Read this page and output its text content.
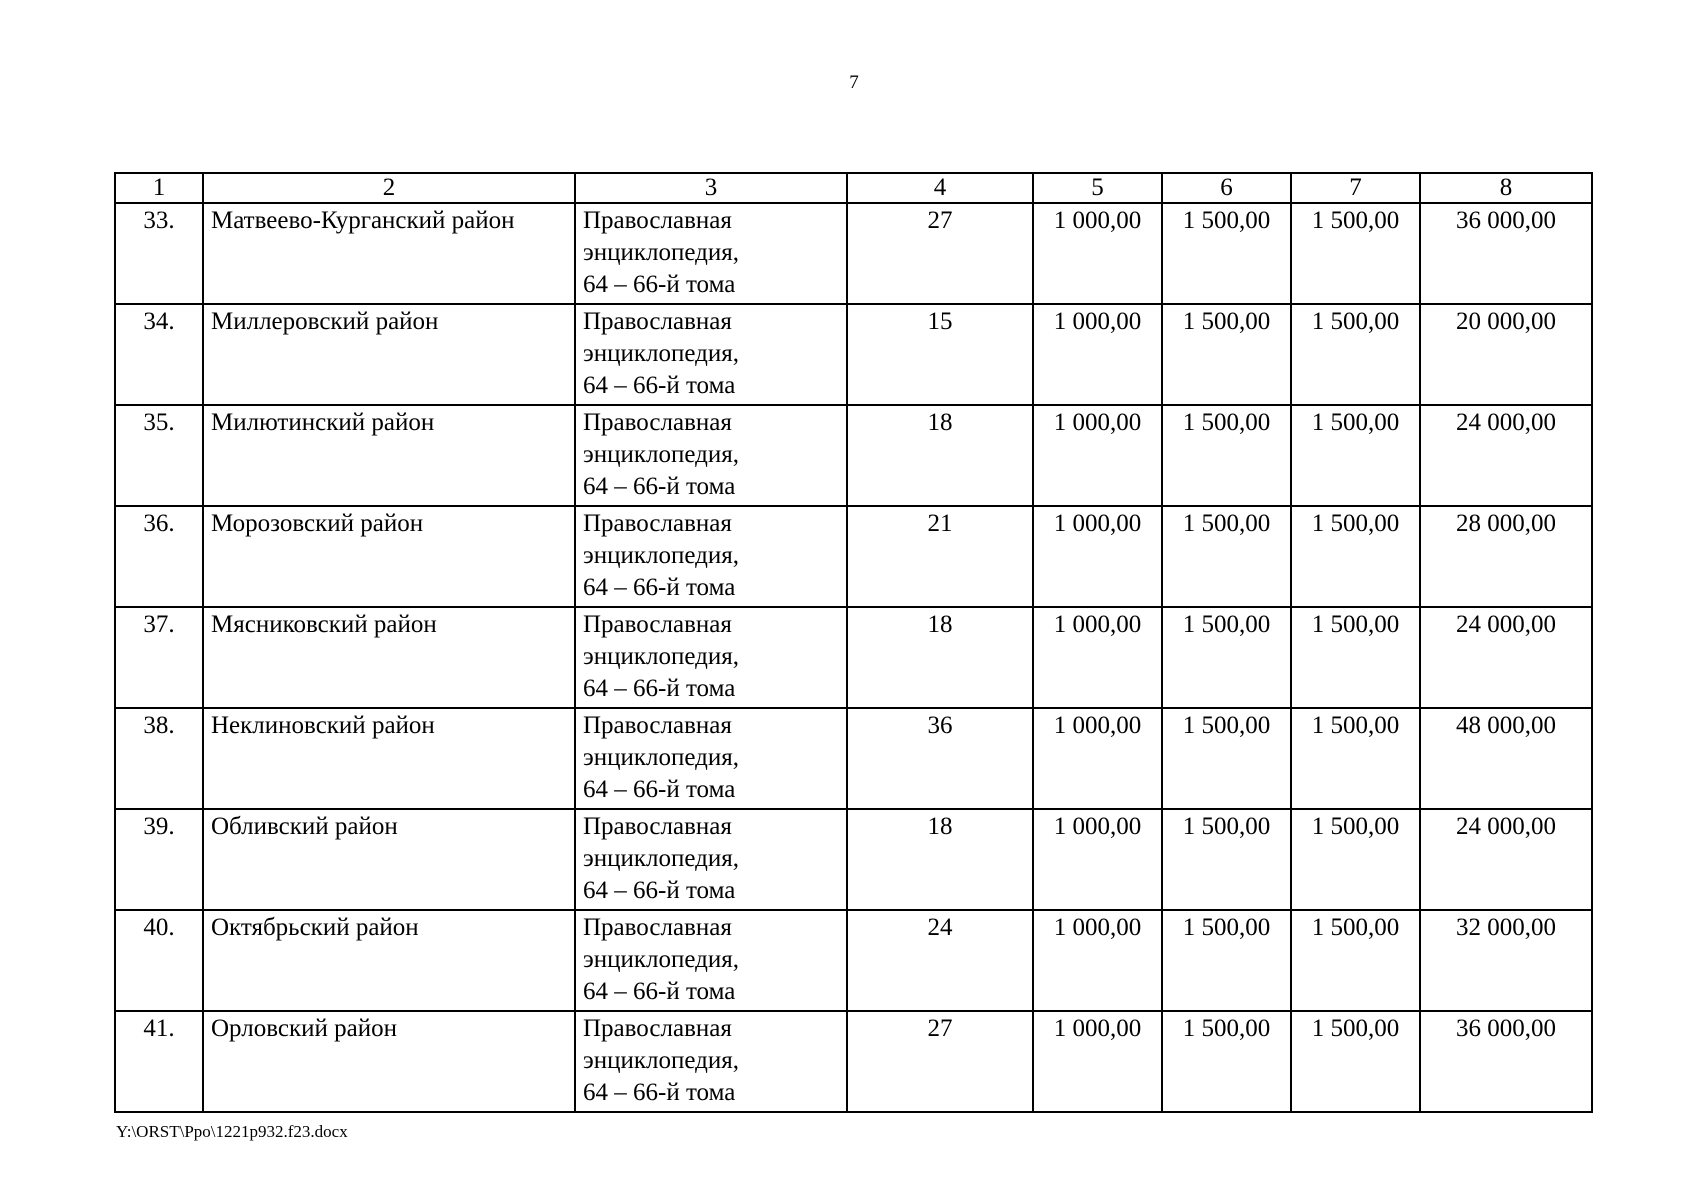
7
1	2	3	4	5	6	7	8
33.	Матвеево-Курганский район	Православная
энциклопедия,
64 – 66-й тома	27	1 000,00	1 500,00	1 500,00	36 000,00
34.	Миллеровский район	Православная
энциклопедия,
64 – 66-й тома	15	1 000,00	1 500,00	1 500,00	20 000,00
35.	Милютинский район	Православная
энциклопедия,
64 – 66-й тома	18	1 000,00	1 500,00	1 500,00	24 000,00
36.	Морозовский район	Православная
энциклопедия,
64 – 66-й тома	21	1 000,00	1 500,00	1 500,00	28 000,00
37.	Мясниковский район	Православная
энциклопедия,
64 – 66-й тома	18	1 000,00	1 500,00	1 500,00	24 000,00
38.	Неклиновский район	Православная
энциклопедия,
64 – 66-й тома	36	1 000,00	1 500,00	1 500,00	48 000,00
39.	Обливский район	Православная
энциклопедия,
64 – 66-й тома	18	1 000,00	1 500,00	1 500,00	24 000,00
40.	Октябрьский район	Православная
энциклопедия,
64 – 66-й тома	24	1 000,00	1 500,00	1 500,00	32 000,00
41.	Орловский район	Православная
энциклопедия,
64 – 66-й тома	27	1 000,00	1 500,00	1 500,00	36 000,00
Y:\ORST\Ppo\1221p932.f23.docx
